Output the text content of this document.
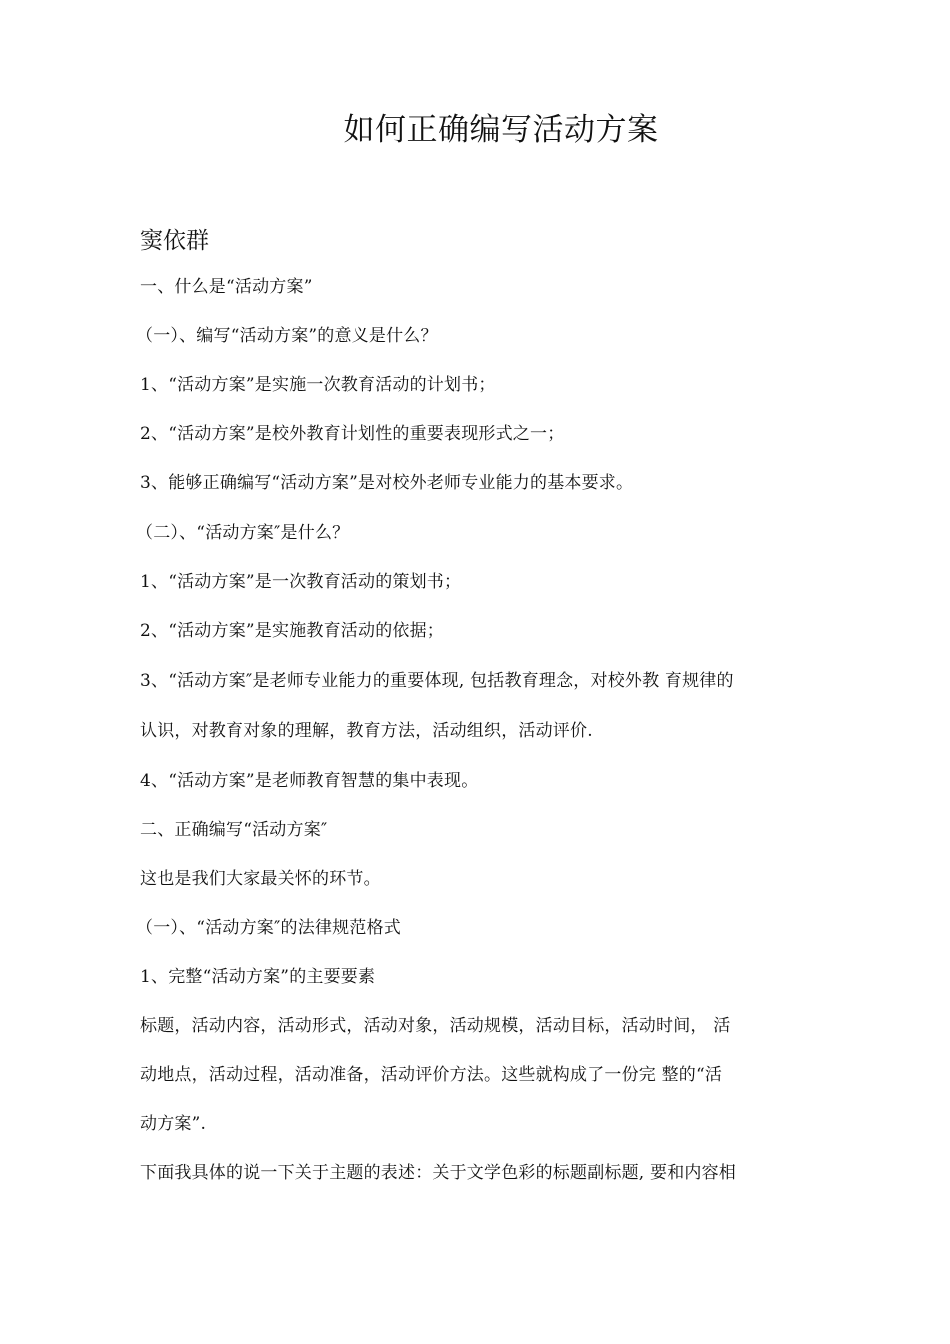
如何正确编写活动方案
窦依群
一、什么是“活动方案”
（一）、编写“活动方案”的意义是什么？
1、“活动方案”是实施一次教育活动的计划书；
2、“活动方案”是校外教育计划性的重要表现形式之一；
3、能够正确编写“活动方案”是对校外老师专业能力的基本要求。
（二）、“活动方案″是什么？
1、“活动方案”是一次教育活动的策划书；
2、“活动方案”是实施教育活动的依据；
3、“活动方案″是老师专业能力的重要体现, 包括教育理念，对校外教 育规律的
认识，对教育对象的理解，教育方法，活动组织，活动评价.
4、“活动方案”是老师教育智慧的集中表现。
二、正确编写“活动方案″
这也是我们大家最关怀的环节。
（一）、“活动方案″的法律规范格式
1、完整“活动方案”的主要要素
标题，活动内容，活动形式，活动对象，活动规模，活动目标，活动时间， 活
动地点，活动过程，活动准备，活动评价方法。这些就构成了一份完 整的“活
动方案”.
下面我具体的说一下关于主题的表述：关于文学色彩的标题副标题, 要和内容相
